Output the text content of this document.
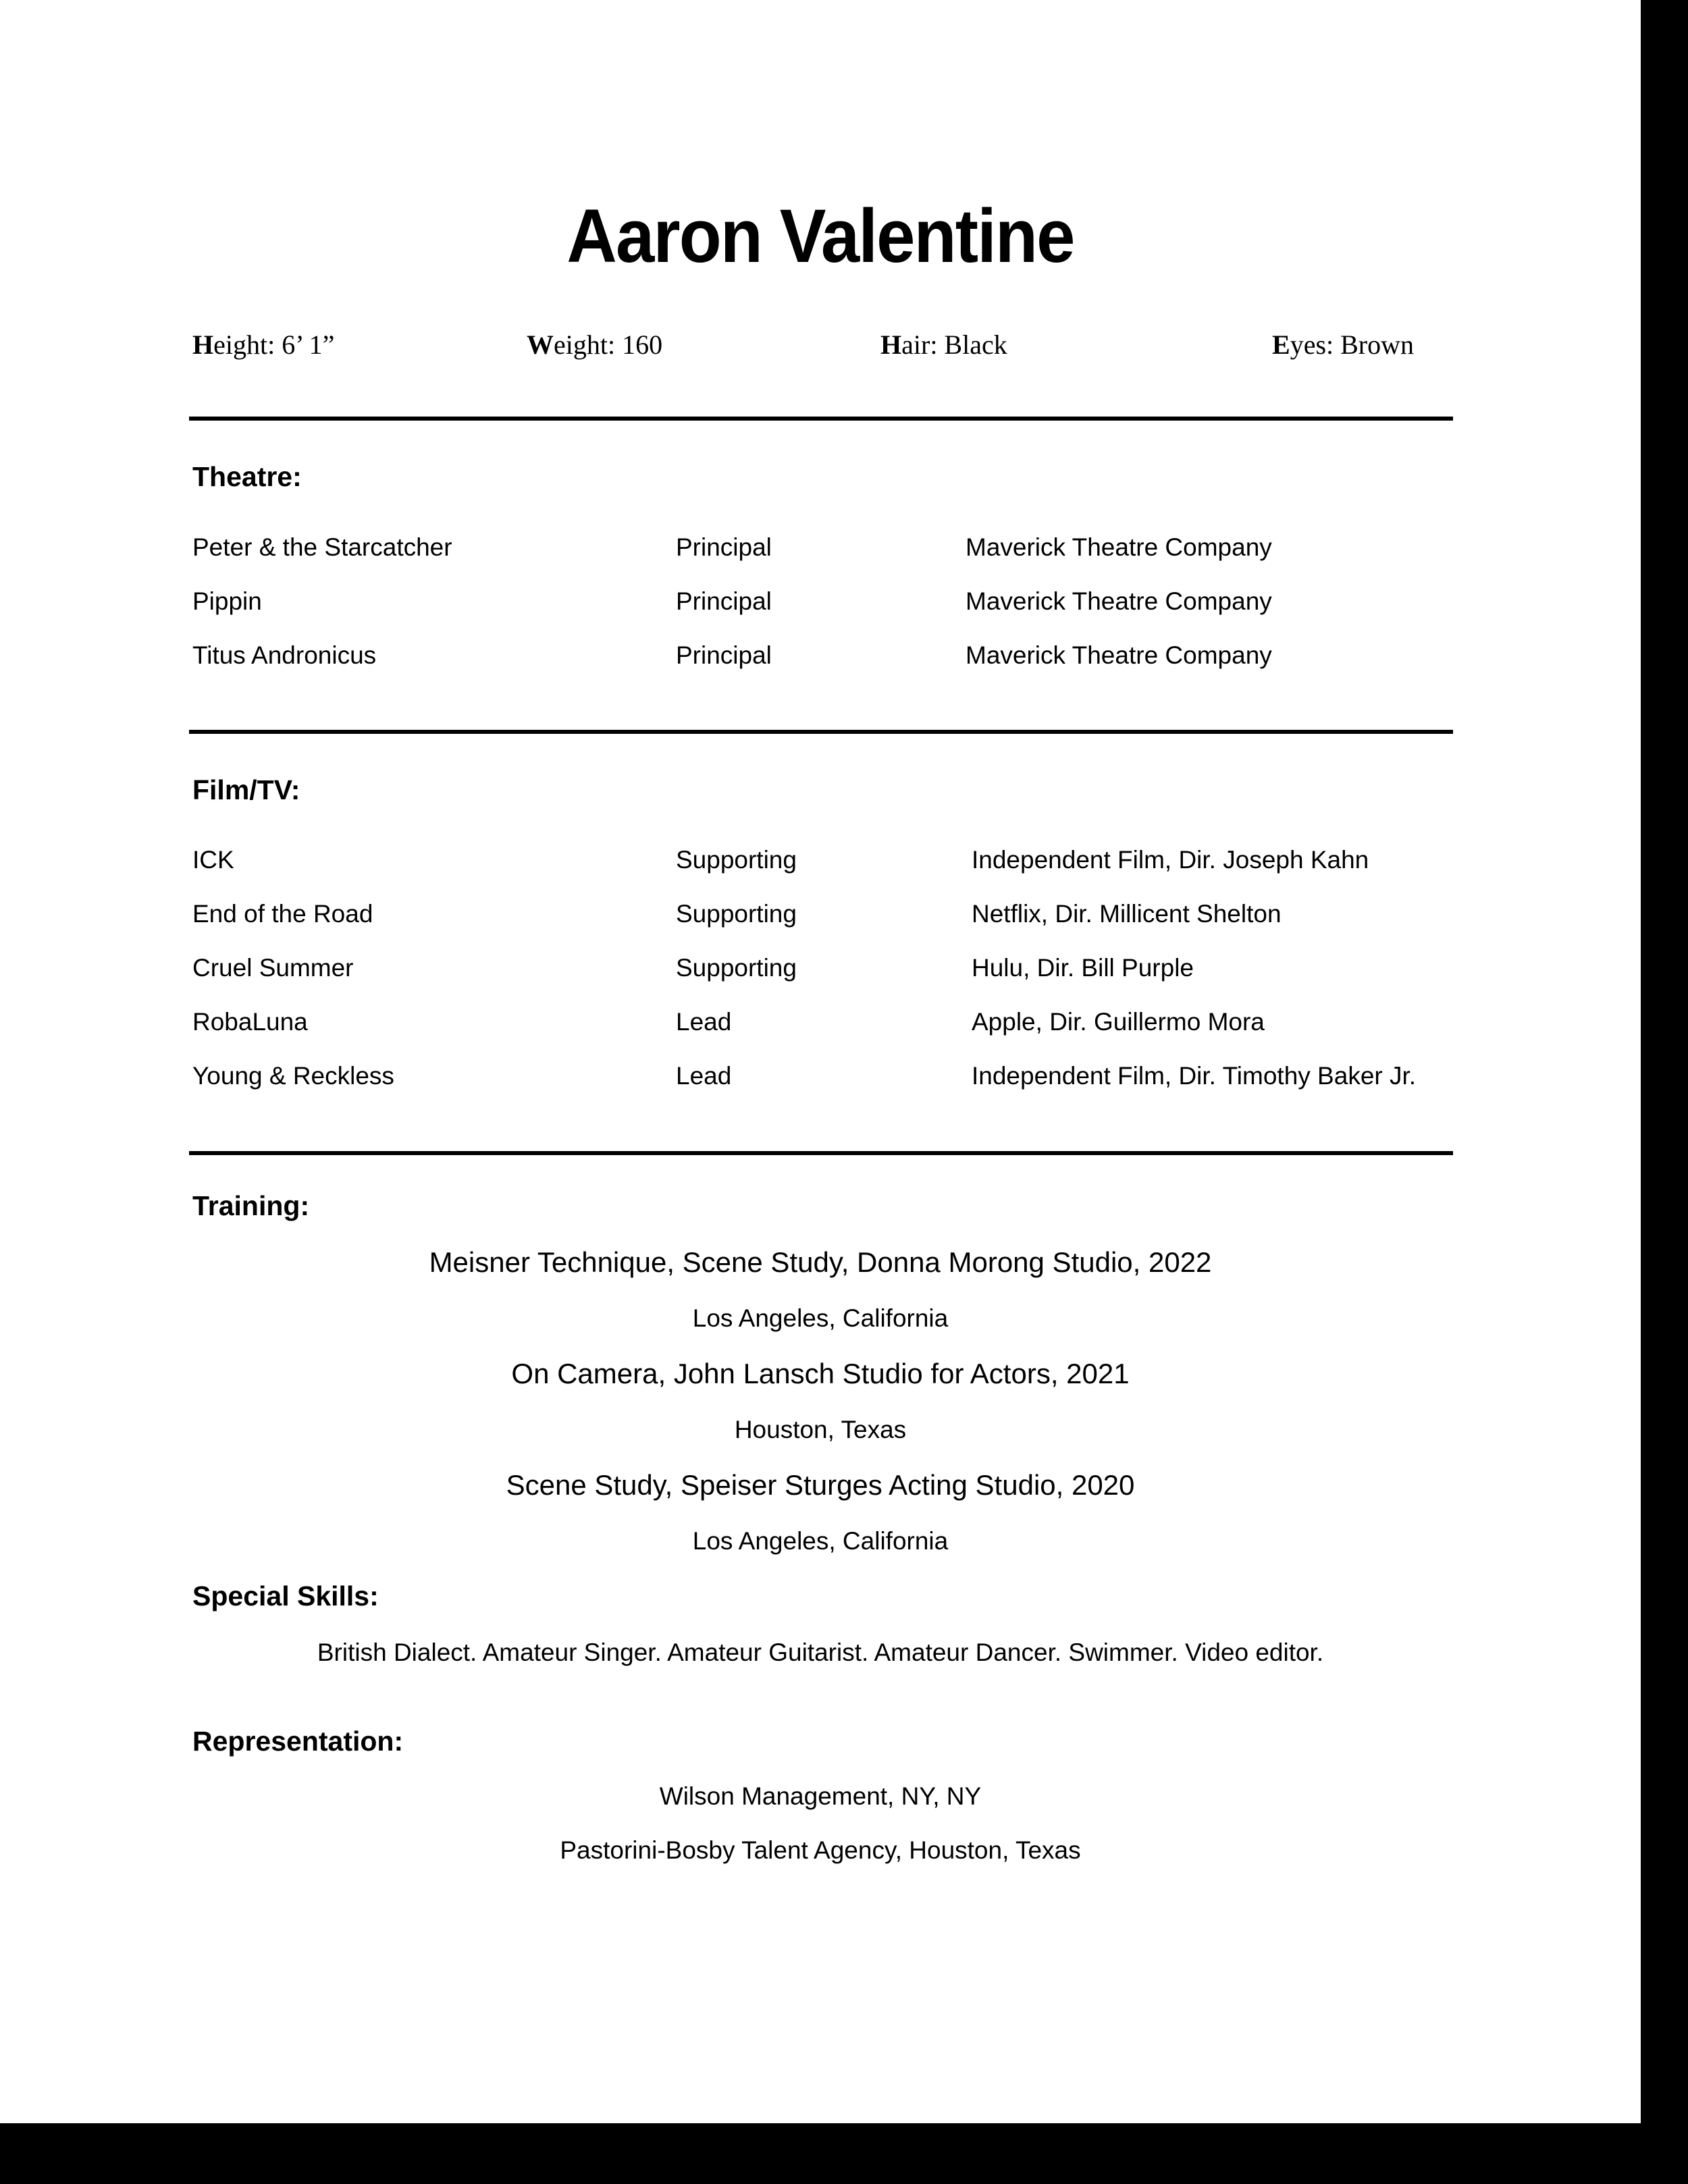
Aaron Valentine
Height: 6’ 1”	Weight: 160	Hair: Black	Eyes: Brown
Theatre:
Peter & the Starcatcher	Principal	Maverick Theatre Company
Pippin	Principal	Maverick Theatre Company
Titus Andronicus	Principal	Maverick Theatre Company
Film/TV:
ICK	Supporting	Independent Film, Dir. Joseph Kahn
End of the Road	Supporting	Netflix, Dir. Millicent Shelton
Cruel Summer	Supporting	Hulu, Dir. Bill Purple
RobaLuna	Lead	Apple, Dir. Guillermo Mora
Young & Reckless	Lead	Independent Film, Dir. Timothy Baker Jr.
Training:
Meisner Technique, Scene Study, Donna Morong Studio, 2022
Los Angeles, California
On Camera, John Lansch Studio for Actors, 2021
Houston, Texas
Scene Study, Speiser Sturges Acting Studio, 2020
Los Angeles, California
Special Skills:
British Dialect. Amateur Singer. Amateur Guitarist. Amateur Dancer. Swimmer. Video editor.
Representation:
Wilson Management, NY, NY
Pastorini-Bosby Talent Agency, Houston, Texas
